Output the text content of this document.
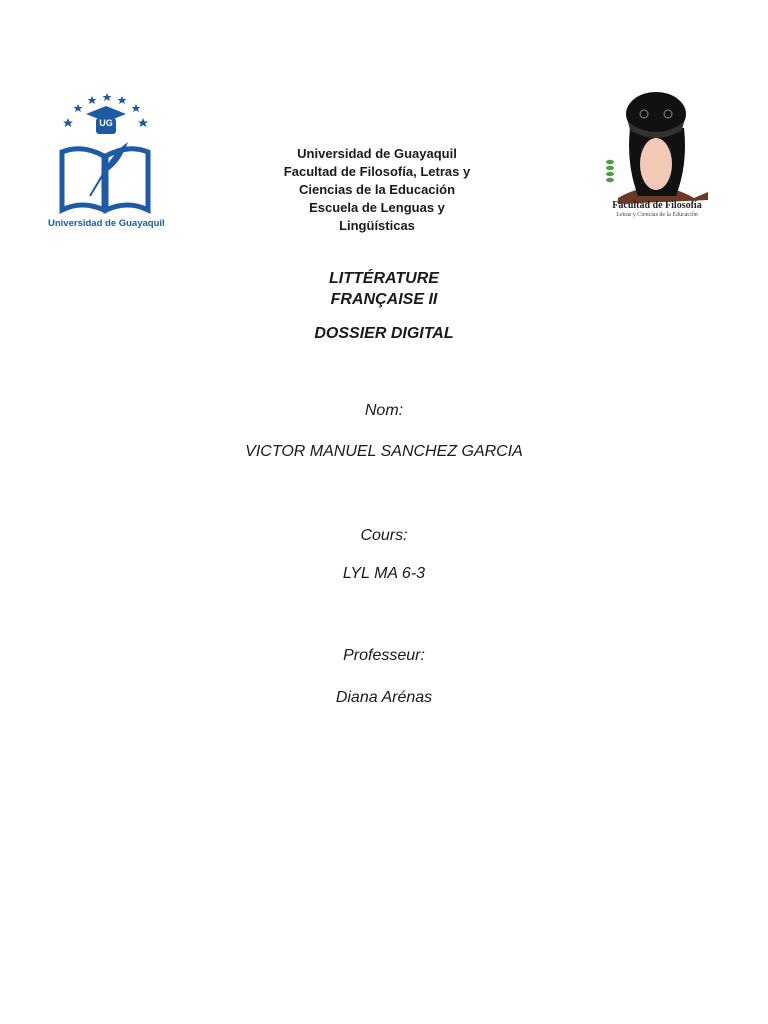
Universidad de Guayaquil
UG
Facultad de Filosofía
Letras y Ciencias de la Educación
Universidad de Guayaquil
Facultad de Filosofía, Letras y
Ciencias de la Educación
Escuela de Lenguas y
Lingüísticas
LITTÉRATURE
FRANÇAISE II
DOSSIER DIGITAL
Nom:
VICTOR MANUEL SANCHEZ GARCIA
Cours:
LYL MA 6-3
Professeur:
Diana Arénas
